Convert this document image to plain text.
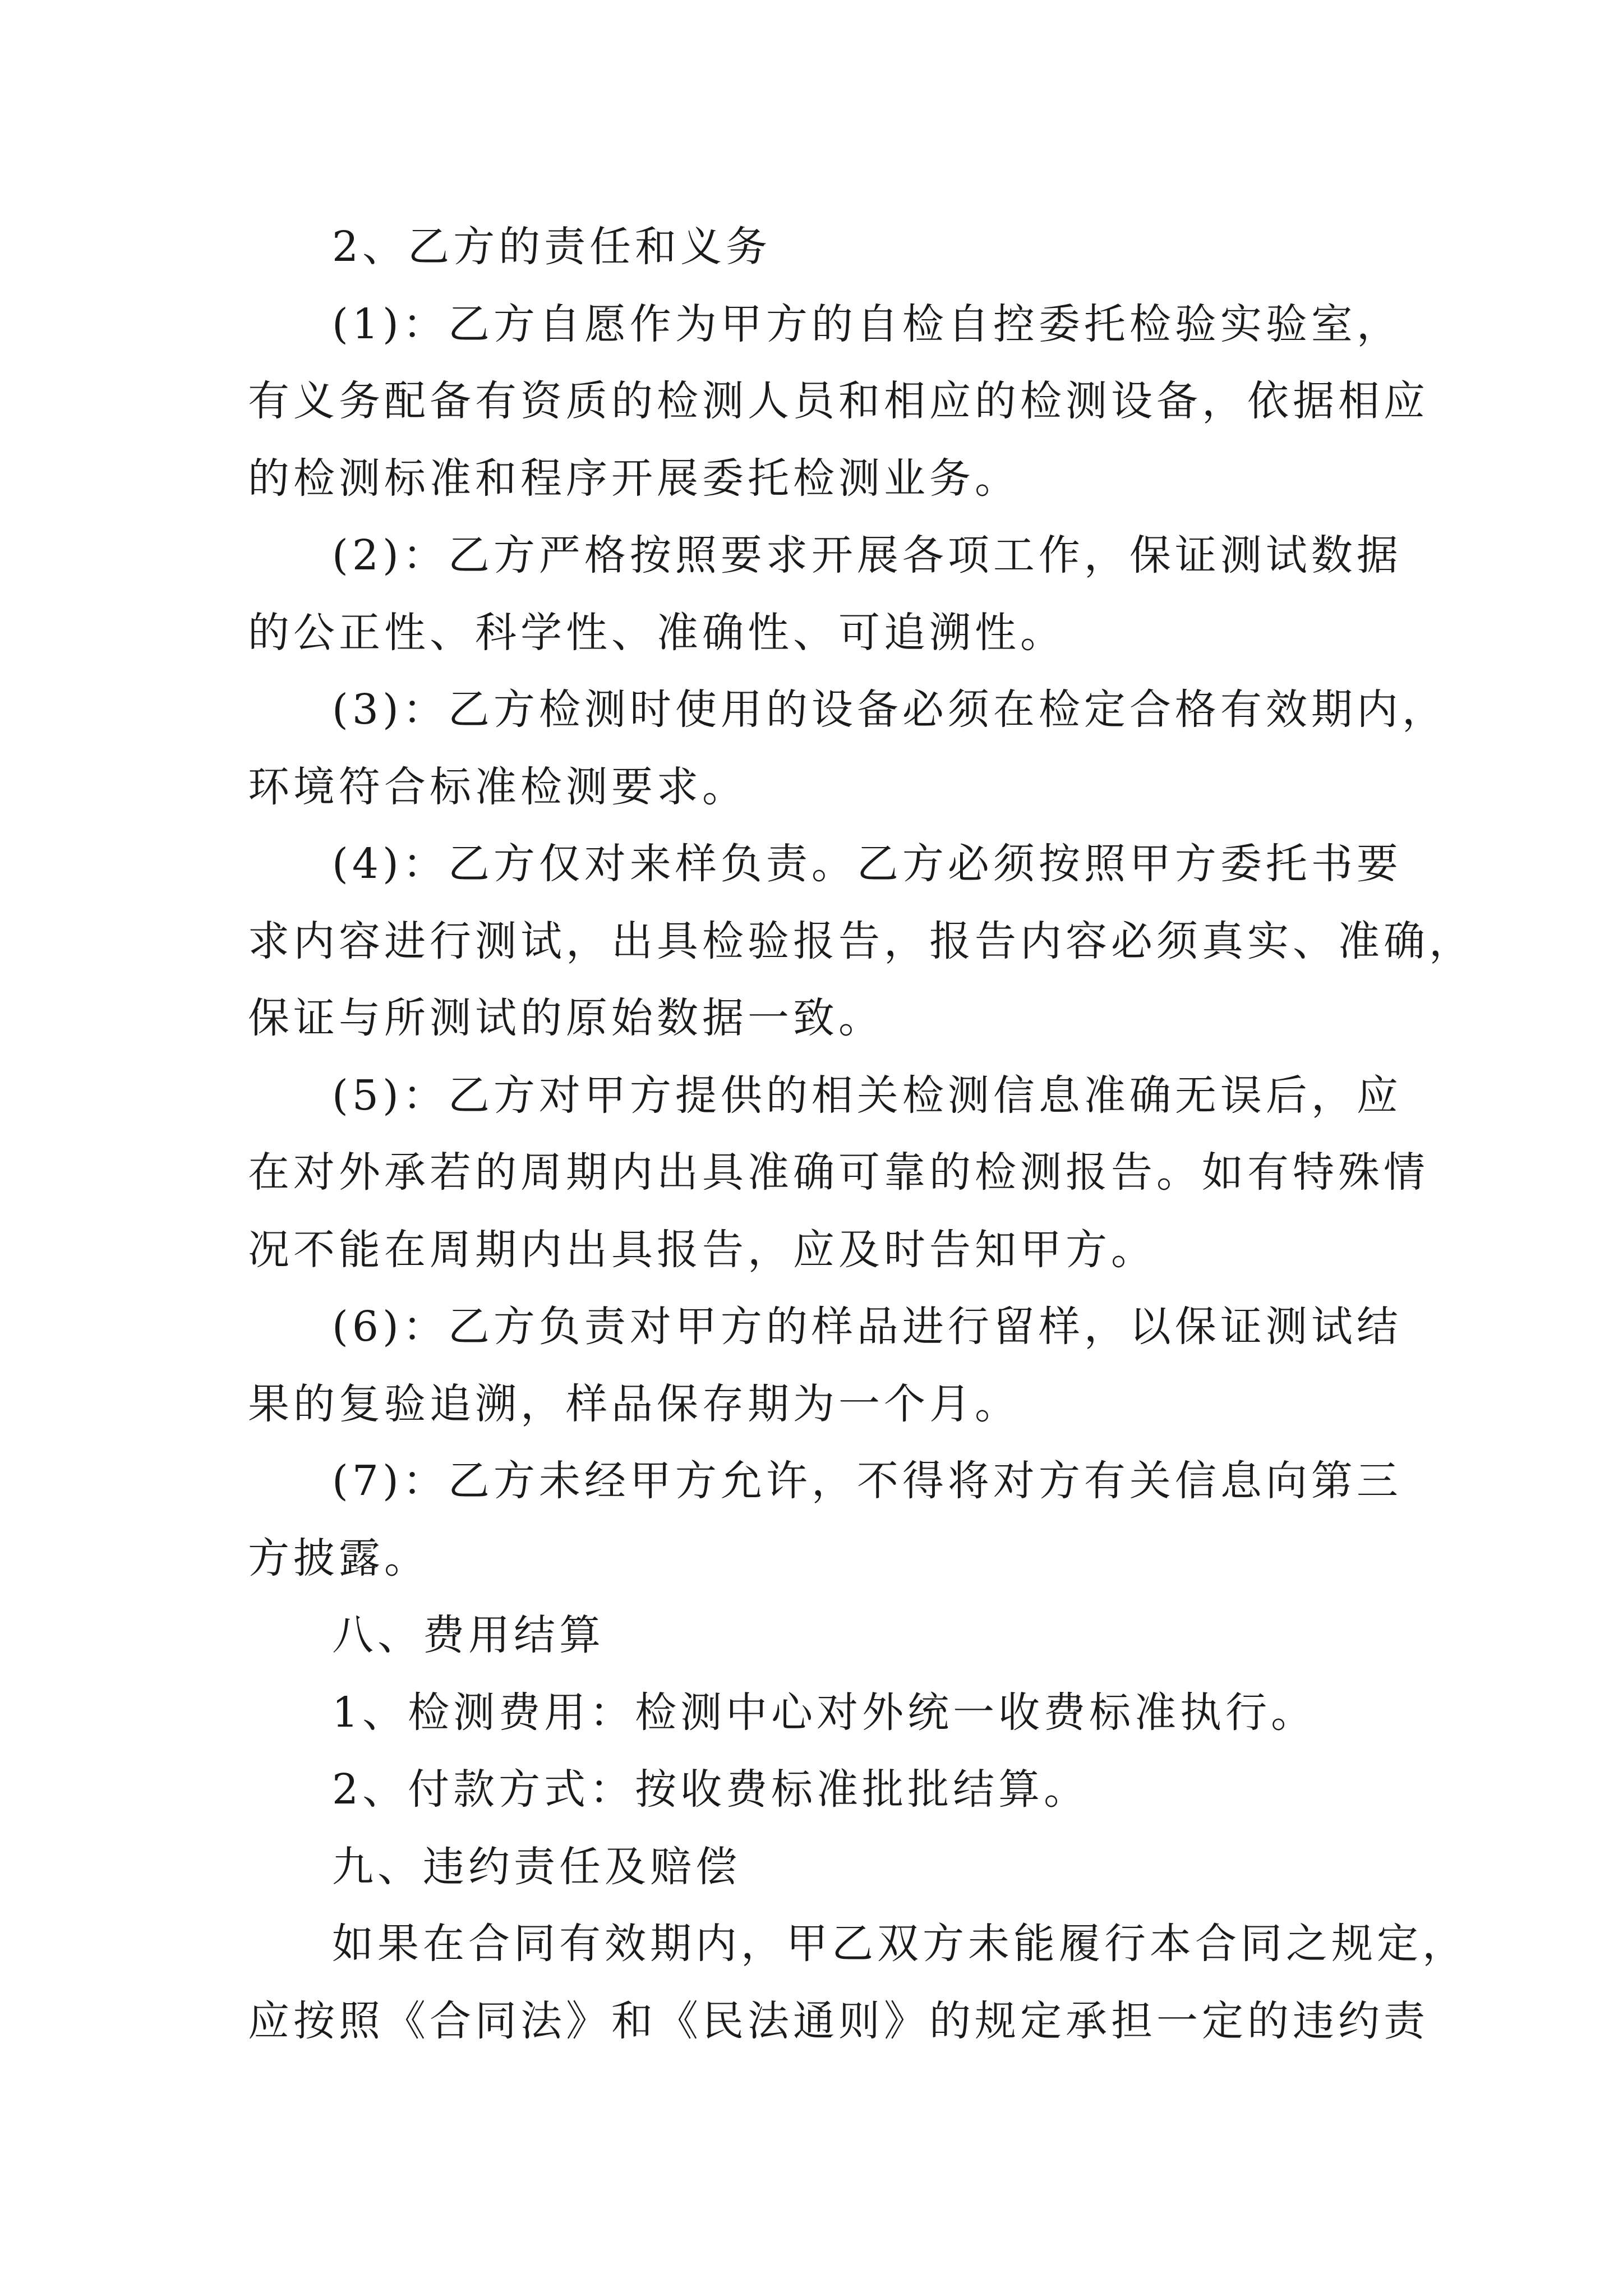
2、乙方的责任和义务
(1)：乙方自愿作为甲方的自检自控委托检验实验室，
有义务配备有资质的检测人员和相应的检测设备，依据相应
的检测标准和程序开展委托检测业务。
(2)：乙方严格按照要求开展各项工作，保证测试数据
的公正性、科学性、准确性、可追溯性。
(3)：乙方检测时使用的设备必须在检定合格有效期内，
环境符合标准检测要求。
(4)：乙方仅对来样负责。乙方必须按照甲方委托书要
求内容进行测试，出具检验报告，报告内容必须真实、准确，
保证与所测试的原始数据一致。
(5)：乙方对甲方提供的相关检测信息准确无误后，应
在对外承若的周期内出具准确可靠的检测报告。如有特殊情
况不能在周期内出具报告，应及时告知甲方。
(6)：乙方负责对甲方的样品进行留样，以保证测试结
果的复验追溯，样品保存期为一个月。
(7)：乙方未经甲方允许，不得将对方有关信息向第三
方披露。
八、费用结算
1、检测费用：检测中心对外统一收费标准执行。
2、付款方式：按收费标准批批结算。
九、违约责任及赔偿
如果在合同有效期内，甲乙双方未能履行本合同之规定，
应按照《合同法》和《民法通则》的规定承担一定的违约责
